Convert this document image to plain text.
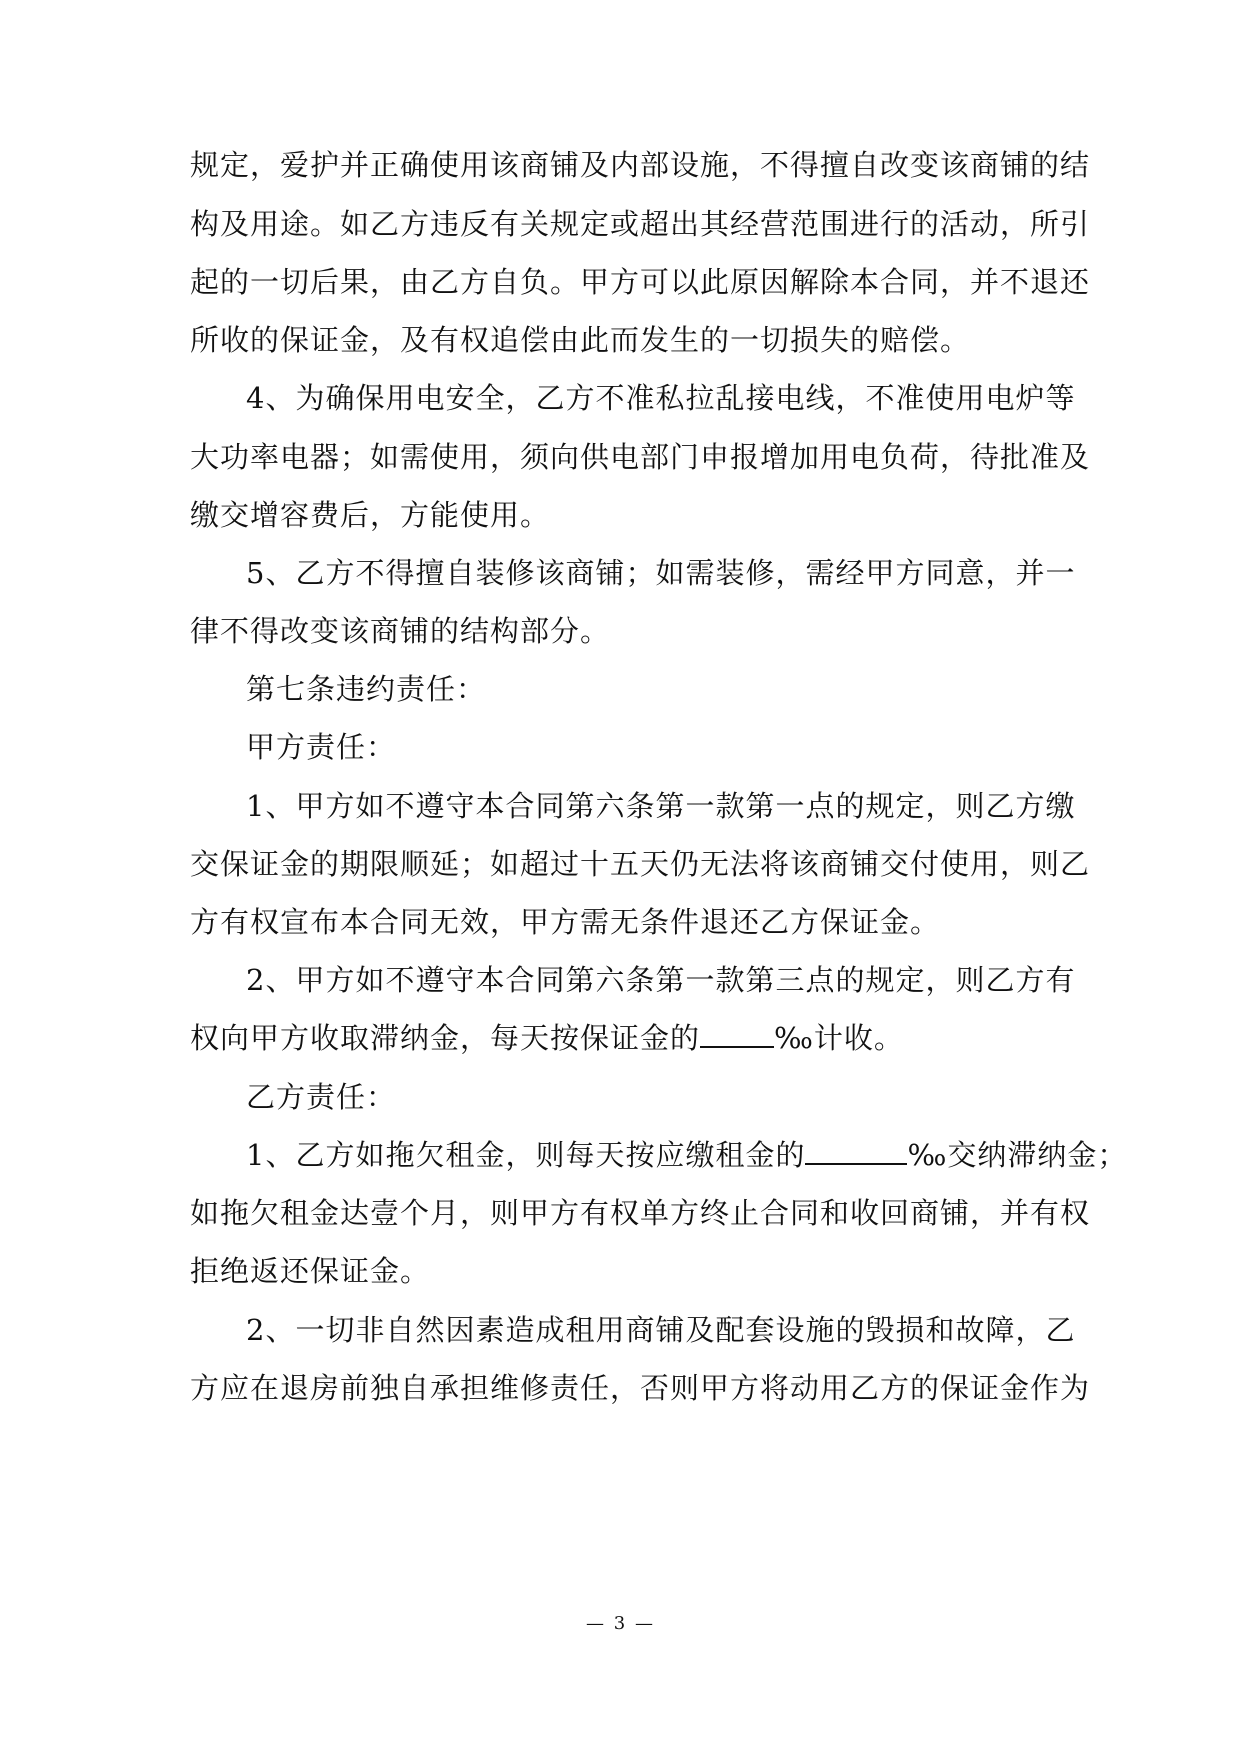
规定，爱护并正确使用该商铺及内部设施，不得擅自改变该商铺的结
构及用途。如乙方违反有关规定或超出其经营范围进行的活动，所引
起的一切后果，由乙方自负。甲方可以此原因解除本合同，并不退还
所收的保证金，及有权追偿由此而发生的一切损失的赔偿。
4、为确保用电安全，乙方不准私拉乱接电线，不准使用电炉等
大功率电器；如需使用，须向供电部门申报增加用电负荷，待批准及
缴交增容费后，方能使用。
5、乙方不得擅自装修该商铺；如需装修，需经甲方同意，并一
律不得改变该商铺的结构部分。
第七条违约责任：
甲方责任：
1、甲方如不遵守本合同第六条第一款第一点的规定，则乙方缴
交保证金的期限顺延；如超过十五天仍无法将该商铺交付使用，则乙
方有权宣布本合同无效，甲方需无条件退还乙方保证金。
2、甲方如不遵守本合同第六条第一款第三点的规定，则乙方有
权向甲方收取滞纳金，每天按保证金的	‰计收。
乙方责任：
1、乙方如拖欠租金，则每天按应缴租金的	‰交纳滞纳金；
如拖欠租金达壹个月，则甲方有权单方终止合同和收回商铺，并有权
拒绝返还保证金。
2、一切非自然因素造成租用商铺及配套设施的毁损和故障，乙
方应在退房前独自承担维修责任，否则甲方将动用乙方的保证金作为
— 3 —
